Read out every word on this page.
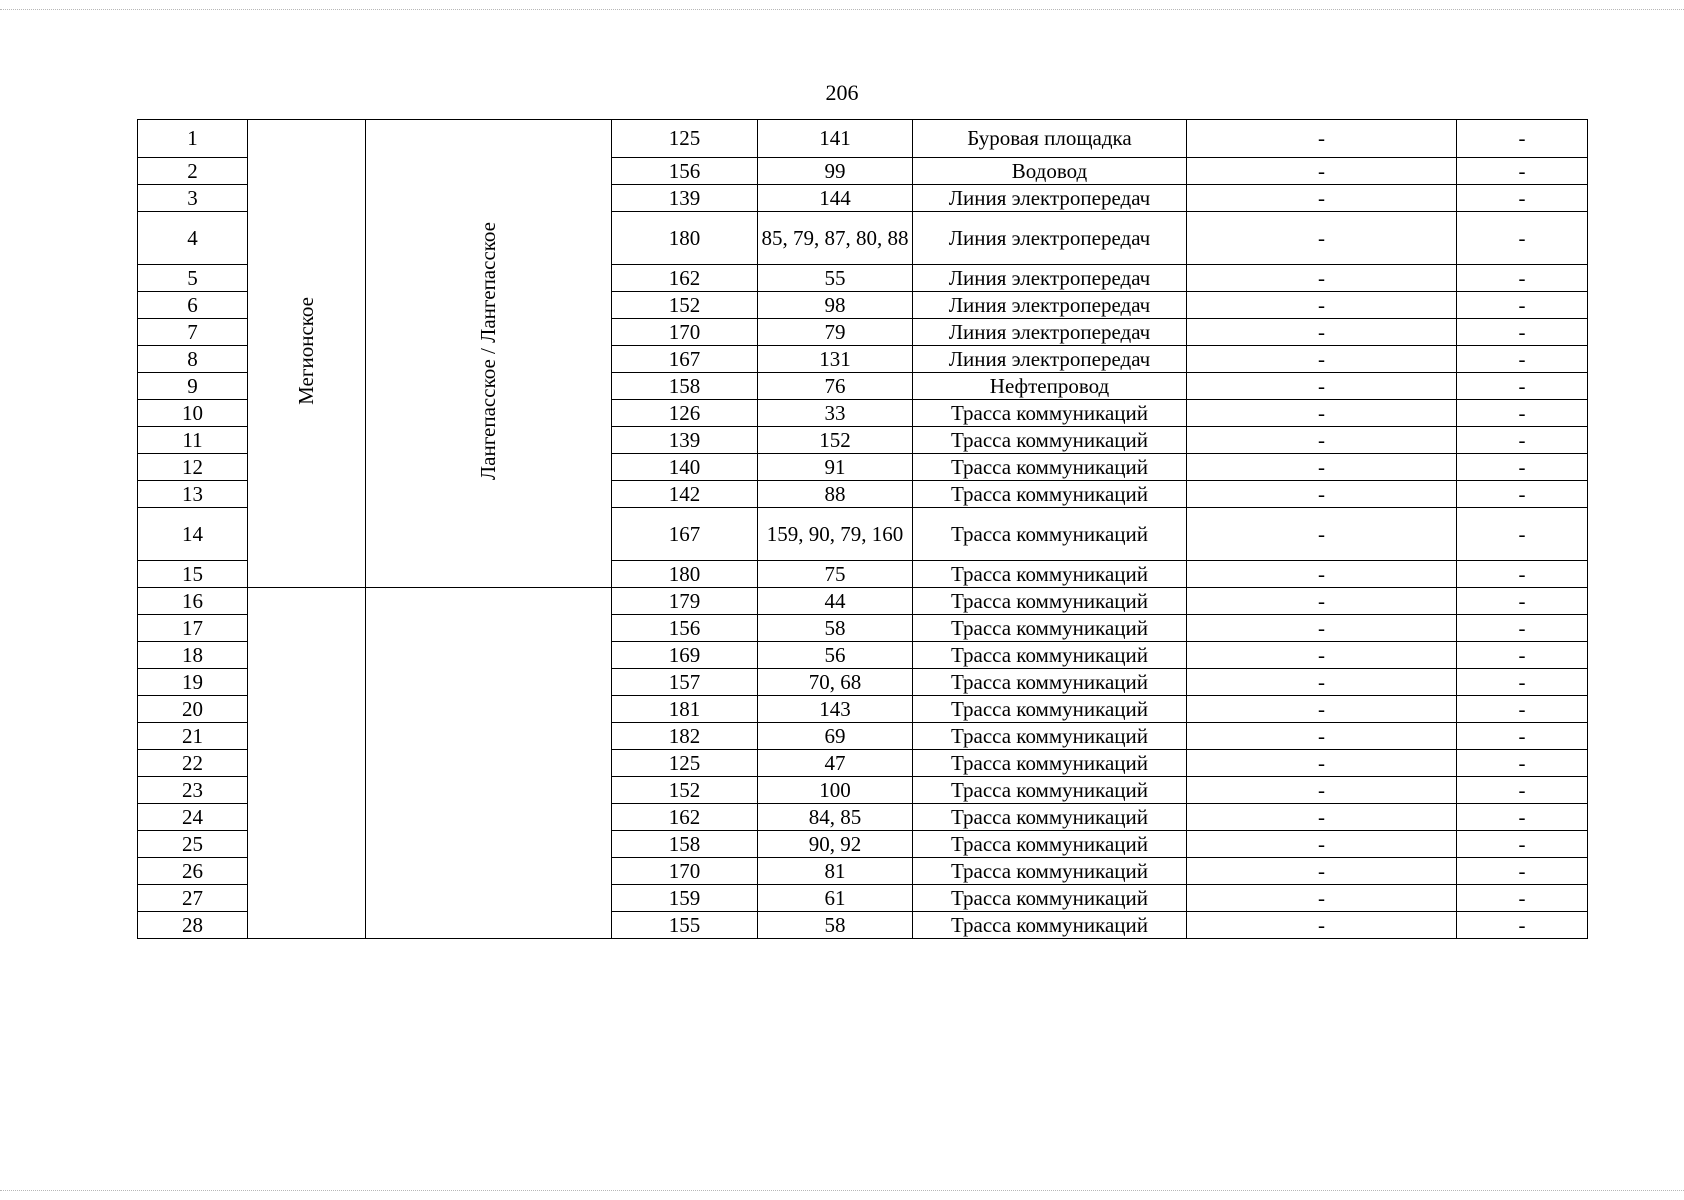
206
1	Мегионское	Лангепасское / Лангепасское	125	141	Буровая площадка	-	-
2			156	99	Водовод	-	-
3			139	144	Линия электропередач	-	-
4			180	85, 79, 87, 80, 88	Линия электропередач	-	-
5			162	55	Линия электропередач	-	-
6			152	98	Линия электропередач	-	-
7			170	79	Линия электропередач	-	-
8			167	131	Линия электропередач	-	-
9			158	76	Нефтепровод	-	-
10			126	33	Трасса коммуникаций	-	-
11			139	152	Трасса коммуникаций	-	-
12			140	91	Трасса коммуникаций	-	-
13			142	88	Трасса коммуникаций	-	-
14			167	159, 90, 79, 160	Трасса коммуникаций	-	-
15			180	75	Трасса коммуникаций	-	-
16			179	44	Трасса коммуникаций	-	-
17			156	58	Трасса коммуникаций	-	-
18			169	56	Трасса коммуникаций	-	-
19			157	70, 68	Трасса коммуникаций	-	-
20			181	143	Трасса коммуникаций	-	-
21			182	69	Трасса коммуникаций	-	-
22			125	47	Трасса коммуникаций	-	-
23			152	100	Трасса коммуникаций	-	-
24			162	84, 85	Трасса коммуникаций	-	-
25			158	90, 92	Трасса коммуникаций	-	-
26			170	81	Трасса коммуникаций	-	-
27			159	61	Трасса коммуникаций	-	-
28			155	58	Трасса коммуникаций	-	-
